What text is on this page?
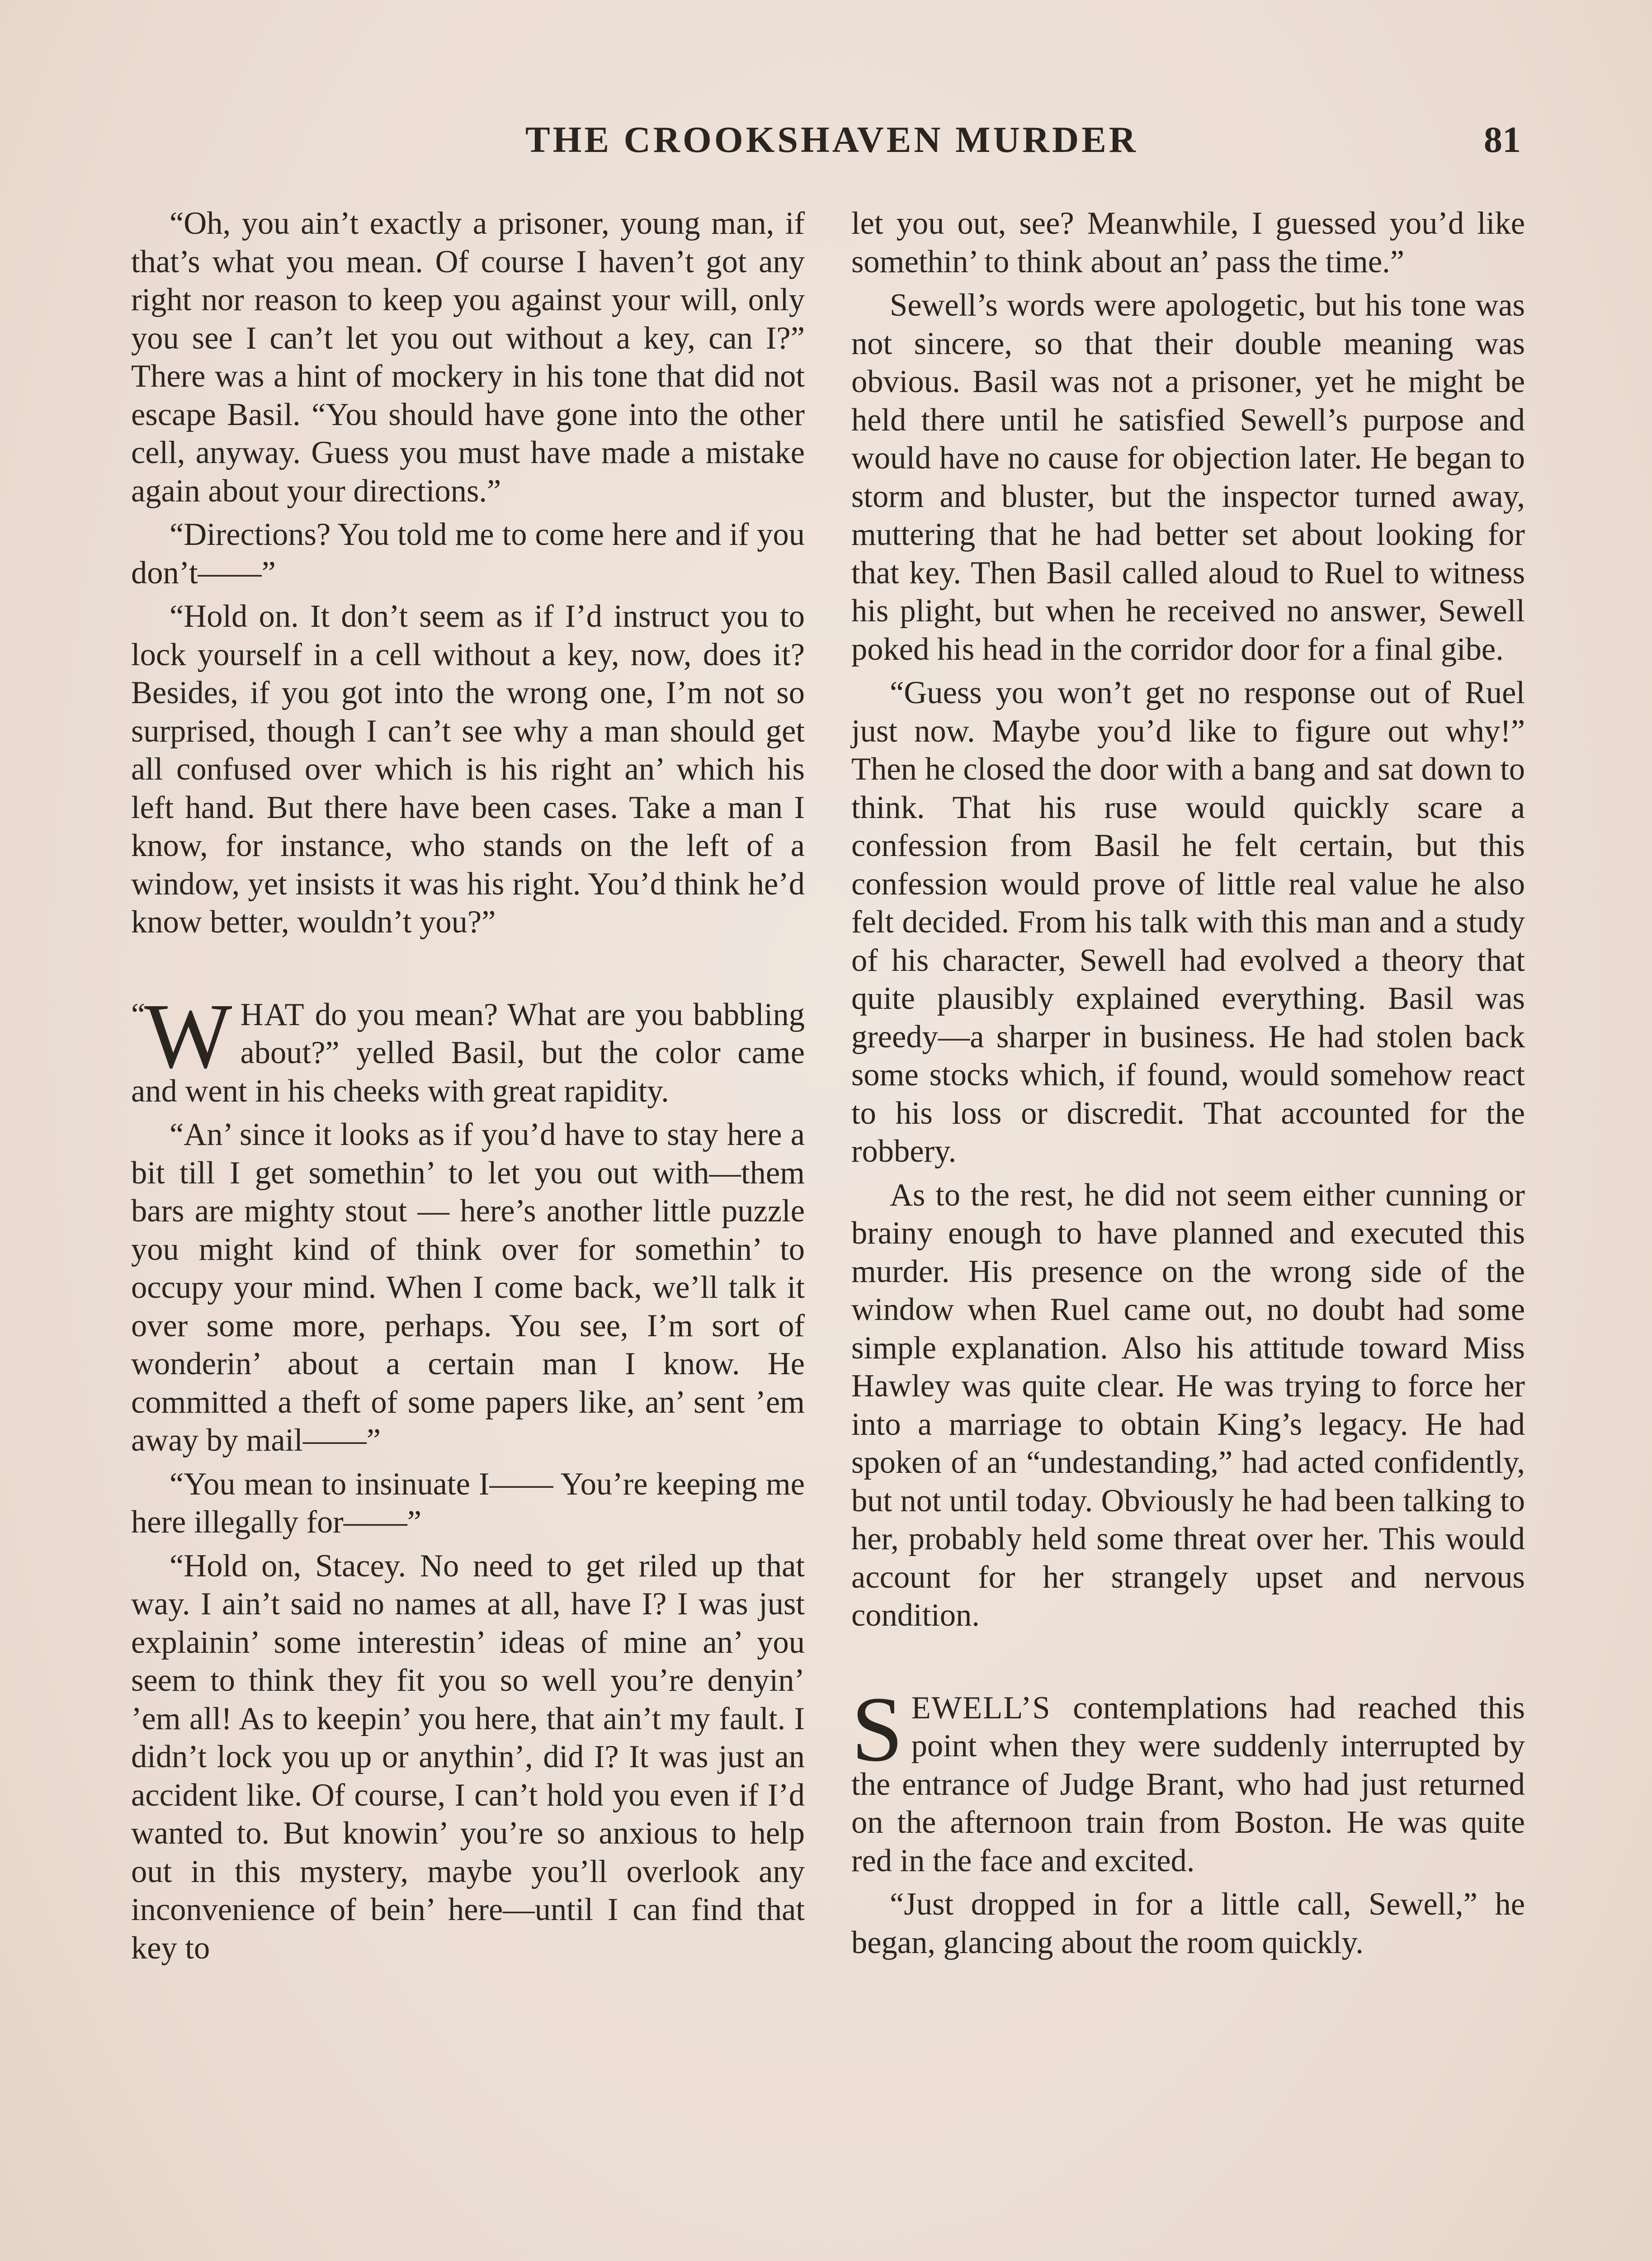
THE CROOKSHAVEN MURDER	81

“Oh, you ain’t exactly a prisoner, young man, if that’s what you mean. Of course I haven’t got any right nor reason to keep you against your will, only you see I can’t let you out without a key, can I?” There was a hint of mockery in his tone that did not escape Basil. “You should have gone into the other cell, anyway. Guess you must have made a mistake again about your directions.”

“Directions? You told me to come here and if you don’t——”

“Hold on. It don’t seem as if I’d instruct you to lock yourself in a cell without a key, now, does it? Besides, if you got into the wrong one, I’m not so surprised, though I can’t see why a man should get all confused over which is his right an’ which his left hand. But there have been cases. Take a man I know, for instance, who stands on the left of a window, yet insists it was his right. You’d think he’d know better, wouldn’t you?”

“
W HAT do you mean? What are you babbling about?” yelled Basil, but the color came and went in his cheeks with great rapidity.

“An’ since it looks as if you’d have to stay here a bit till I get somethin’ to let you out with—them bars are mighty stout — here’s another little puzzle you might kind of think over for somethin’ to occupy your mind. When I come back, we’ll talk it over some more, perhaps. You see, I’m sort of wonderin’ about a certain man I know. He committed a theft of some papers like, an’ sent ’em away by mail——”

“You mean to insinuate I—— You’re keeping me here illegally for——”

“Hold on, Stacey. No need to get riled up that way. I ain’t said no names at all, have I? I was just explainin’ some interestin’ ideas of mine an’ you seem to think they fit you so well you’re denyin’ ’em all! As to keepin’ you here, that ain’t my fault. I didn’t lock you up or anythin’, did I? It was just an accident like. Of course, I can’t hold you even if I’d wanted to. But knowin’ you’re so anxious to help out in this mystery, maybe you’ll overlook any inconvenience of bein’ here—until I can find that key to

let you out, see? Meanwhile, I guessed you’d like somethin’ to think about an’ pass the time.”

Sewell’s words were apologetic, but his tone was not sincere, so that their double meaning was obvious. Basil was not a prisoner, yet he might be held there until he satisfied Sewell’s purpose and would have no cause for objection later. He began to storm and bluster, but the inspector turned away, muttering that he had better set about looking for that key. Then Basil called aloud to Ruel to witness his plight, but when he received no answer, Sewell poked his head in the corridor door for a final gibe.

“Guess you won’t get no response out of Ruel just now. Maybe you’d like to figure out why!” Then he closed the door with a bang and sat down to think. That his ruse would quickly scare a confession from Basil he felt certain, but this confession would prove of little real value he also felt decided. From his talk with this man and a study of his character, Sewell had evolved a theory that quite plausibly explained everything. Basil was greedy—a sharper in business. He had stolen back some stocks which, if found, would somehow react to his loss or discredit. That accounted for the robbery.

As to the rest, he did not seem either cunning or brainy enough to have planned and executed this murder. His presence on the wrong side of the window when Ruel came out, no doubt had some simple explanation. Also his attitude toward Miss Hawley was quite clear. He was trying to force her into a marriage to obtain King’s legacy. He had spoken of an “undestanding,” had acted confidently, but not until today. Obviously he had been talking to her, probably held some threat over her. This would account for her strangely upset and nervous condition.

SEWELL’S contemplations had reached this point when they were suddenly interrupted by the entrance of Judge Brant, who had just returned on the afternoon train from Boston. He was quite red in the face and excited.

“Just dropped in for a little call, Sewell,” he began, glancing about the room quickly.
